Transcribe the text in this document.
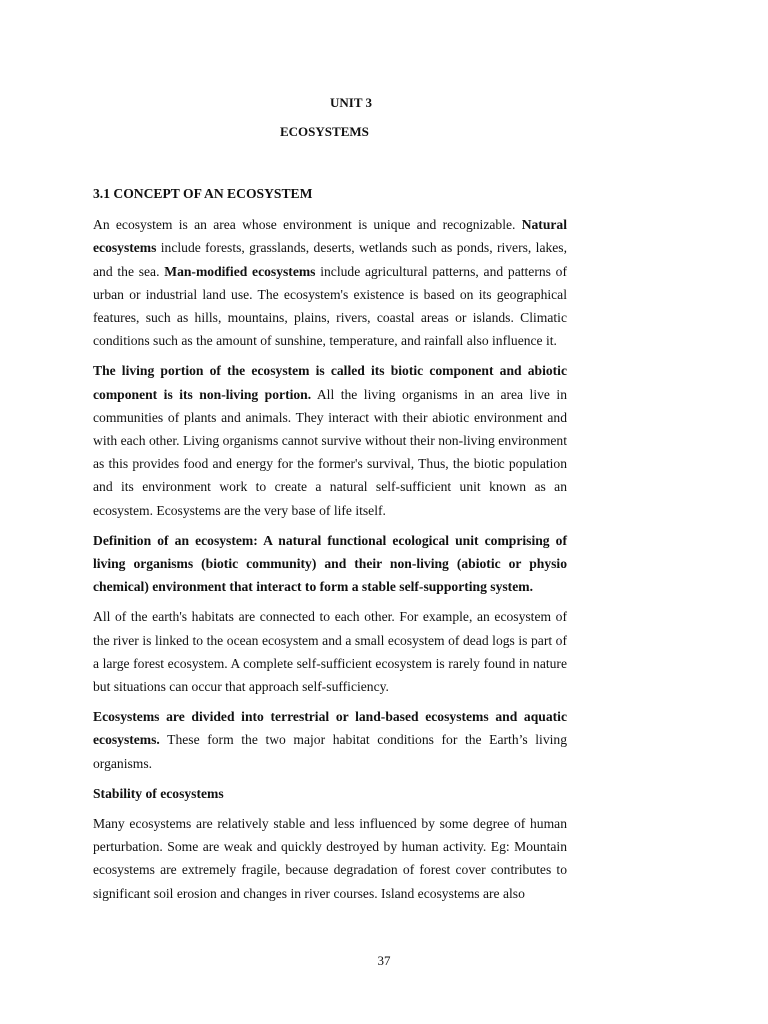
UNIT 3

ECOSYSTEMS

3.1 CONCEPT OF AN ECOSYSTEM

An ecosystem is an area whose environment is unique and recognizable. Natural ecosystems include forests, grasslands, deserts, wetlands such as ponds, rivers, lakes, and the sea. Man-modified ecosystems include agricultural patterns, and patterns of urban or industrial land use. The ecosystem's existence is based on its geographical features, such as hills, mountains, plains, rivers, coastal areas or islands. Climatic conditions such as the amount of sunshine, temperature, and rainfall also influence it.

The living portion of the ecosystem is called its biotic component and abiotic component is its non-living portion. All the living organisms in an area live in communities of plants and animals. They interact with their abiotic environment and with each other. Living organisms cannot survive without their non-living environment as this provides food and energy for the former's survival, Thus, the biotic population and its environment work to create a natural self-sufficient unit known as an ecosystem. Ecosystems are the very base of life itself.

Definition of an ecosystem: A natural functional ecological unit comprising of living organisms (biotic community) and their non-living (abiotic or physio chemical) environment that interact to form a stable self-supporting system.

All of the earth's habitats are connected to each other. For example, an ecosystem of the river is linked to the ocean ecosystem and a small ecosystem of dead logs is part of a large forest ecosystem. A complete self-sufficient ecosystem is rarely found in nature but situations can occur that approach self-sufficiency.

Ecosystems are divided into terrestrial or land-based ecosystems and aquatic ecosystems. These form the two major habitat conditions for the Earth’s living organisms.

Stability of ecosystems

Many ecosystems are relatively stable and less influenced by some degree of human perturbation. Some are weak and quickly destroyed by human activity. Eg: Mountain ecosystems are extremely fragile, because degradation of forest cover contributes to significant soil erosion and changes in river courses. Island ecosystems are also

37
